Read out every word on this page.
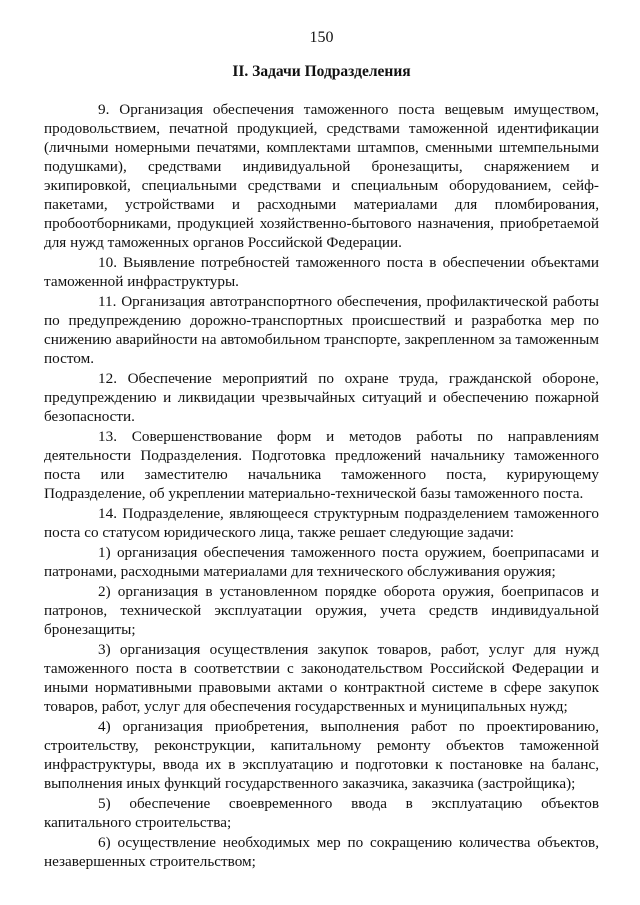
150
II. Задачи Подразделения

9. Организация обеспечения таможенного поста вещевым имуществом, продовольствием, печатной продукцией, средствами таможенной идентификации (личными номерными печатями, комплектами штампов, сменными штемпельными подушками), средствами индивидуальной бронезащиты, снаряжением и экипировкой, специальными средствами и специальным оборудованием, сейф-пакетами, устройствами и расходными материалами для пломбирования, пробоотборниками, продукцией хозяйственно-бытового назначения, приобретаемой для нужд таможенных органов Российской Федерации.

10. Выявление потребностей таможенного поста в обеспечении объектами таможенной инфраструктуры.

11. Организация автотранспортного обеспечения, профилактической работы по предупреждению дорожно-транспортных происшествий и разработка мер по снижению аварийности на автомобильном транспорте, закрепленном за таможенным постом.

12. Обеспечение мероприятий по охране труда, гражданской обороне, предупреждению и ликвидации чрезвычайных ситуаций и обеспечению пожарной безопасности.

13. Совершенствование форм и методов работы по направлениям деятельности Подразделения. Подготовка предложений начальнику таможенного поста или заместителю начальника таможенного поста, курирующему Подразделение, об укреплении материально-технической базы таможенного поста.

14. Подразделение, являющееся структурным подразделением таможенного поста со статусом юридического лица, также решает следующие задачи:

1) организация обеспечения таможенного поста оружием, боеприпасами и патронами, расходными материалами для технического обслуживания оружия;

2) организация в установленном порядке оборота оружия, боеприпасов и патронов, технической эксплуатации оружия, учета средств индивидуальной бронезащиты;

3) организация осуществления закупок товаров, работ, услуг для нужд таможенного поста в соответствии с законодательством Российской Федерации и иными нормативными правовыми актами о контрактной системе в сфере закупок товаров, работ, услуг для обеспечения государственных и муниципальных нужд;

4) организация приобретения, выполнения работ по проектированию, строительству, реконструкции, капитальному ремонту объектов таможенной инфраструктуры, ввода их в эксплуатацию и подготовки к постановке на баланс, выполнения иных функций государственного заказчика, заказчика (застройщика);

5) обеспечение своевременного ввода в эксплуатацию объектов капитального строительства;

6) осуществление необходимых мер по сокращению количества объектов, незавершенных строительством;
